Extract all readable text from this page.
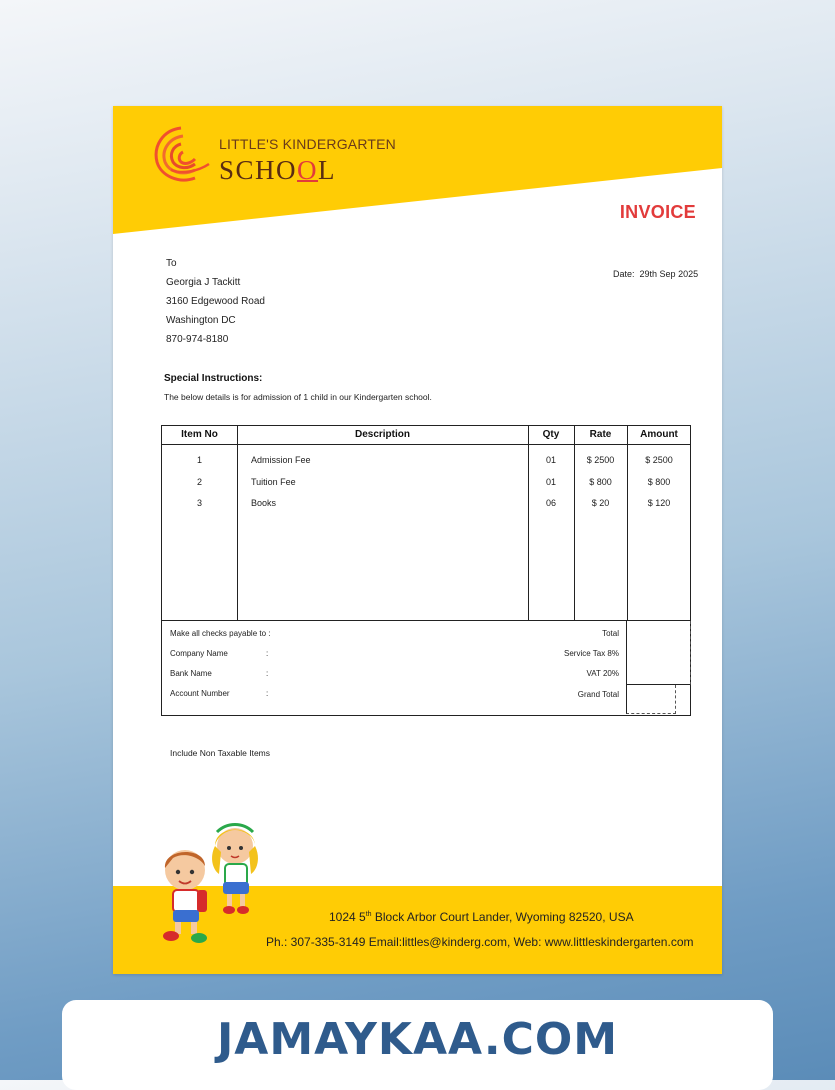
LITTLE'S KINDERGARTEN
SCHOOL
INVOICE
To
Georgia J Tackitt
3160 Edgewood Road
Washington DC
870-974-8180
Date: 29th Sep 2025
Special Instructions:
The below details is for admission of 1 child in our Kindergarten school.
Item No	Description	Qty	Rate	Amount
1	Admission Fee	01	$ 2500	$ 2500
2	Tuition Fee	01	$ 800	$ 800
3	Books	06	$ 20	$ 120
Make all checks payable to :
Company Name	:
Bank Name	:
Account Number	:
Total
Service Tax 8%
VAT 20%
Grand Total
Include Non Taxable Items
1024 5th Block Arbor Court Lander, Wyoming 82520, USA
Ph.: 307-335-3149 Email:littles@kinderg.com, Web: www.littleskindergarten.com
JAMAYKAA.COM
